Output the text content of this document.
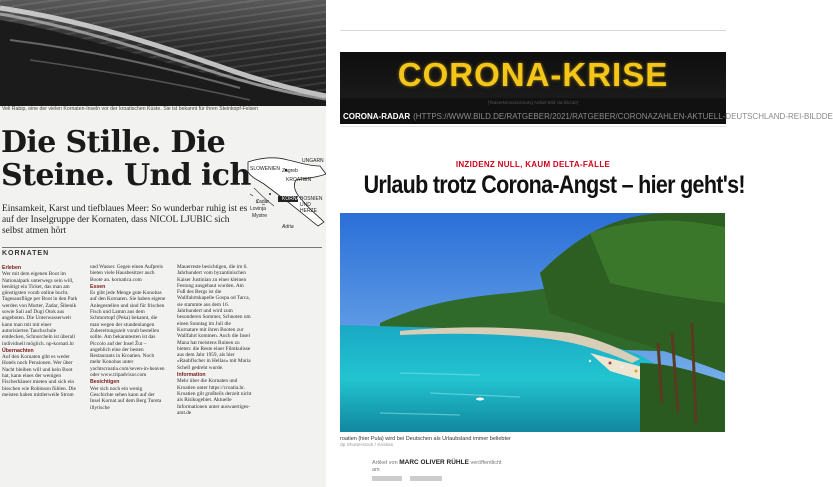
Veli Rabip, eine der vielen Kornaten-Inseln vor der kroatischen Küste. Sie ist bekannt für ihren Steinkopf-Felsen
Die Stille. Die Steine. Und ich

Einsamkeit, Karst und tiefblaues Meer: So wunderbar ruhig ist es auf der Inselgruppe der Kornaten, dass NICOL LJUBIC sich selbst atmen hört

UNGARN
SLOWENIEN Zagreb
KROATIEN
KORNATI
Zadar
Lovinja
Mystre
BOSNIEN UND HERZE
Adria
KORNATEN
Erleben
Wer mit dem eigenen Boot im Nationalpark unterwegs sein will, benötigt ein Ticket, das man am günstigsten vorab online bucht. Tagesausflüge per Boot in den Park werden von Murter, Zadar, Šibenik sowie Sali auf Dugi Otok aus angeboten. Die Unterwasserwelt kann man mit mit einer autorisierten Tauchschule entdecken, Schnorcheln ist überall individuell möglich. np-kornati.hr
Übernachten
Auf den Kornaten gibt es weder Hotels noch Pensionen. Wer über Nacht bleiben will und kein Boot hat, kann eines der wenigen Fischerhäuser mieten und sich ein bisschen wie Robinson fühlen. Die meisten haben mittlerweile Strom
und Wasser. Gegen einen Aufpreis bieten viele Hausbesitzer auch Boote an. kornatica.com
Essen
Es gibt jede Menge gute Konobas auf den Kornaten. Sie haben eigene Anlegestellen und sind für frischen Fisch und Lamm aus dem Schmortopf (Peka) bekannt, die man wegen der stundenlangen Zubereitungszeit vorab bestellen sollte. Am bekanntesten ist das Piccolo auf der Insel Žut – angeblich eine der besten Restaurants in Kroatien. Noch mehr Konobas unter yachtscroatia.com/seven-in-heaven oder www.tripadvisor.com
Besichtigen
Wer sich noch ein wenig Geschichte sehen kann auf der Insel Kornat auf dem Berg Tureta illyrische
Mauerreste besichtigen, die im 6. Jahrhundert vom byzantinischen Kaiser Justinian zu einer kleinen Festung ausgebaut wurden. Am Fuß des Bergs ist die Wallfahrtskapelle Gospa od Tarca, sie stammte aus dem 16. Jahrhundert und wird zum besonderen Sommer, Schnoten um einen Sonntag im Juli die Kurnatare mit ihren Booten zur Wallfahrt kommen. Auch die Insel Mana hat meistens Ruinen zu bieten: die Reste einer Filmkulisse aus dem Jahr 1959, als hier »Raubfischer in Hellas« mit Maria Schell gedreht wurde.
Information
Mehr über die Kornaten und Kroatien unter https://croatia.hr. Kroatien gilt großteils derzeit nicht als Risikogebiet. Aktuelle Informationen unter auswaertiges-amt.de
CORONA-KRISE
(Teaserkennzeichnung Artikel-Bild via bild.de)
CORONA-RADAR (HTTPS://WWW.BILD.DE/RATGEBER/2021/RATGEBER/CORONAZAHLEN-AKTUELL-DEUTSCHLAND-REI-BILDDE
INZIDENZ NULL, KAUM DELTA-FÄLLE
Urlaub trotz Corona-Angst – hier geht's!
roatien (hier Pula) wird bei Deutschen als Urlaubsland immer beliebter
dp Shutterstock / Kristian
Artikel von MARC OLIVER RÜHLE veröffentlicht
am
